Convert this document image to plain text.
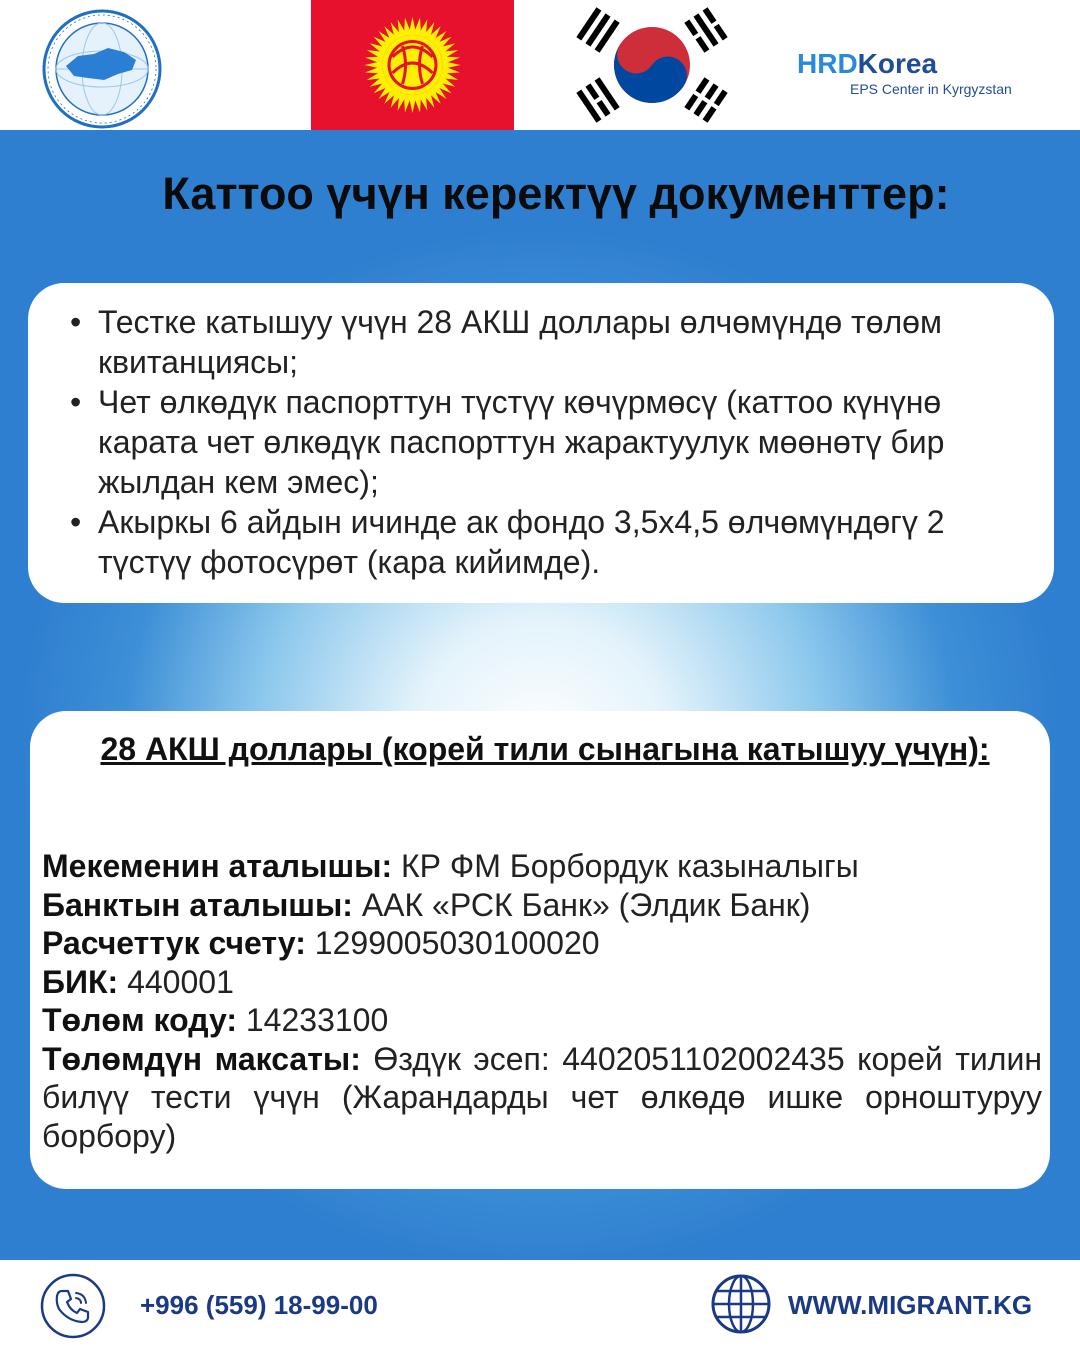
HRDKorea
EPS Center in Kyrgyzstan
Каттоо үчүн керектүү документтер:
• Тестке катышуу үчүн 28 АКШ доллары өлчөмүндө төлөм квитанциясы;
• Чет өлкөдүк паспорттун түстүү көчүрмөсү (каттоо күнүнө карата чет өлкөдүк паспорттун жарактуулук мөөнөтү бир жылдан кем эмес);
• Акыркы 6 айдын ичинде ак фондо 3,5х4,5 өлчөмүндөгү 2 түстүү фотосүрөт (кара кийимде).
28 АКШ доллары (корей тили сынагына катышуу үчүн):

Мекеменин аталышы: КР ФМ Борбордук казыналыгы

Банктын аталышы: ААК «РСК Банк» (Элдик Банк)

Расчеттук счету: 1299005030100020

БИК: 440001

Төлөм коду: 14233100

Төлөмдүн максаты: Өздүк эсеп: 4402051102002435 корей тилин билүү тести үчүн (Жарандарды чет өлкөдө ишке орноштуруу борбору)

+996 (559) 18-99-00	WWW.MIGRANT.KG
